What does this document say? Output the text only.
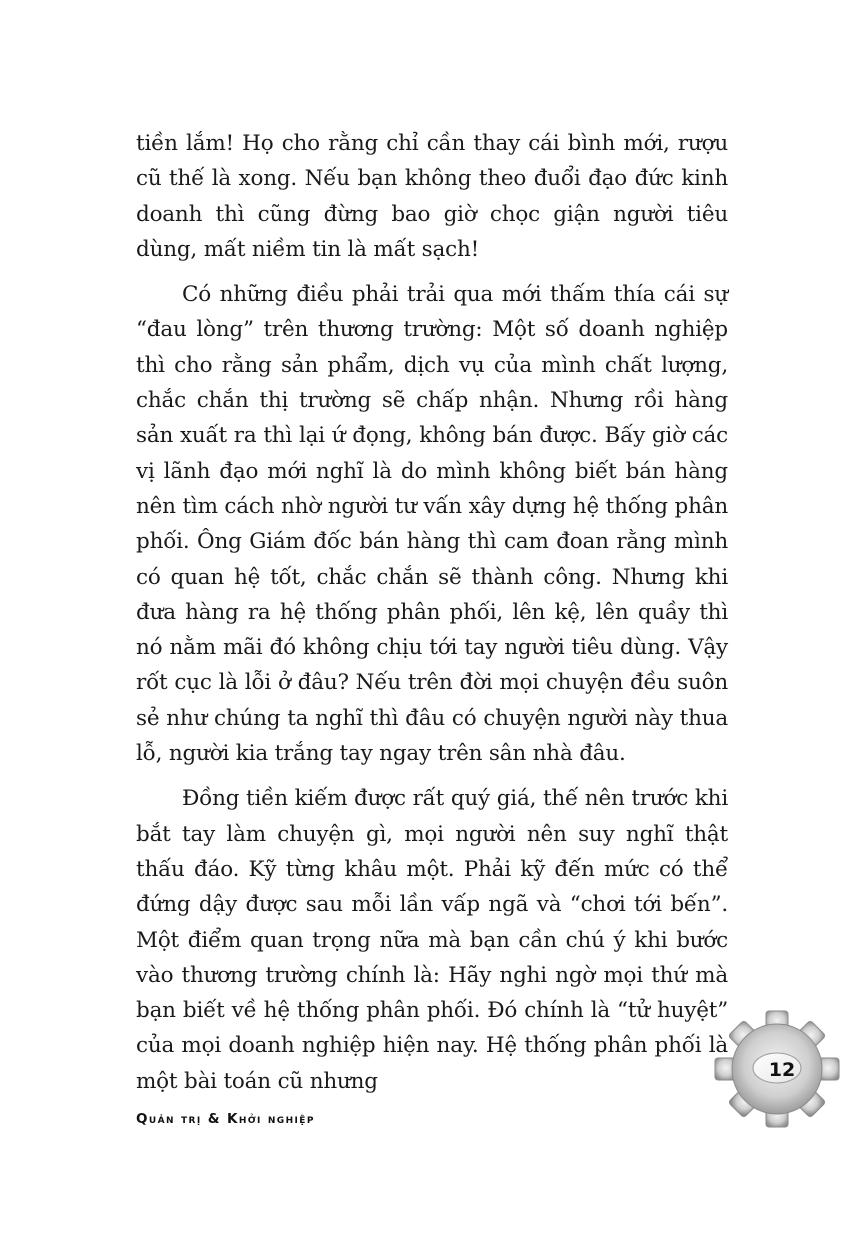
tiền lắm! Họ cho rằng chỉ cần thay cái bình mới, rượu cũ thế là xong. Nếu bạn không theo đuổi đạo đức kinh doanh thì cũng đừng bao giờ chọc giận người tiêu dùng, mất niềm tin là mất sạch!

Có những điều phải trải qua mới thấm thía cái sự “đau lòng” trên thương trường: Một số doanh nghiệp thì cho rằng sản phẩm, dịch vụ của mình chất lượng, chắc chắn thị trường sẽ chấp nhận. Nhưng rồi hàng sản xuất ra thì lại ứ đọng, không bán được. Bấy giờ các vị lãnh đạo mới nghĩ là do mình không biết bán hàng nên tìm cách nhờ người tư vấn xây dựng hệ thống phân phối. Ông Giám đốc bán hàng thì cam đoan rằng mình có quan hệ tốt, chắc chắn sẽ thành công. Nhưng khi đưa hàng ra hệ thống phân phối, lên kệ, lên quầy thì nó nằm mãi đó không chịu tới tay người tiêu dùng. Vậy rốt cục là lỗi ở đâu? Nếu trên đời mọi chuyện đều suôn sẻ như chúng ta nghĩ thì đâu có chuyện người này thua lỗ, người kia trắng tay ngay trên sân nhà đâu.

Đồng tiền kiếm được rất quý giá, thế nên trước khi bắt tay làm chuyện gì, mọi người nên suy nghĩ thật thấu đáo. Kỹ từng khâu một. Phải kỹ đến mức có thể đứng dậy được sau mỗi lần vấp ngã và “chơi tới bến”. Một điểm quan trọng nữa mà bạn cần chú ý khi bước vào thương trường chính là: Hãy nghi ngờ mọi thứ mà bạn biết về hệ thống phân phối. Đó chính là “tử huyệt” của mọi doanh nghiệp hiện nay. Hệ thống phân phối là một bài toán cũ nhưng	12
Quản trị & Khởi nghiệp
